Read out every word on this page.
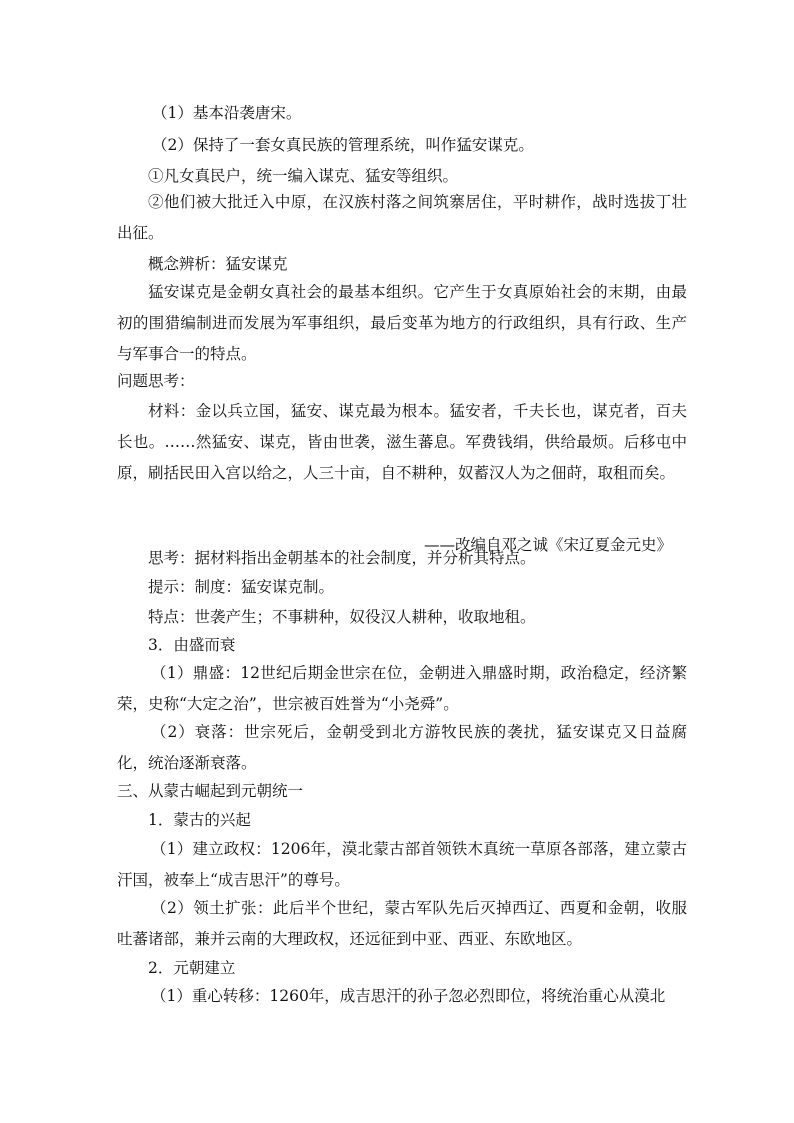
（1）基本沿袭唐宋。

（2）保持了一套女真民族的管理系统，叫作猛安谋克。

①凡女真民户，统一编入谋克、猛安等组织。

②他们被大批迁入中原，在汉族村落之间筑寨居住，平时耕作，战时选拔丁壮出征。

概念辨析：猛安谋克

猛安谋克是金朝女真社会的最基本组织。它产生于女真原始社会的末期，由最初的围猎编制进而发展为军事组织，最后变革为地方的行政组织，具有行政、生产与军事合一的特点。

问题思考：

材料：金以兵立国，猛安、谋克最为根本。猛安者，千夫长也，谋克者，百夫长也。……然猛安、谋克，皆由世袭，滋生蕃息。军费钱绢，供给最烦。后移屯中原，刷括民田入宫以给之，人三十亩，自不耕种，奴蓄汉人为之佃莳，取租而矣。

——改编自邓之诚《宋辽夏金元史》

思考：据材料指出金朝基本的社会制度，并分析其特点。

提示：制度：猛安谋克制。

特点：世袭产生；不事耕种，奴役汉人耕种，收取地租。

3．由盛而衰

（1）鼎盛：12世纪后期金世宗在位，金朝进入鼎盛时期，政治稳定，经济繁荣，史称“大定之治”，世宗被百姓誉为“小尧舜”。

（2）衰落：世宗死后，金朝受到北方游牧民族的袭扰，猛安谋克又日益腐化，统治逐渐衰落。

三、从蒙古崛起到元朝统一

1．蒙古的兴起

（1）建立政权：1206年，漠北蒙古部首领铁木真统一草原各部落，建立蒙古汗国，被奉上“成吉思汗”的尊号。

（2）领土扩张：此后半个世纪，蒙古军队先后灭掉西辽、西夏和金朝，收服吐蕃诸部，兼并云南的大理政权，还远征到中亚、西亚、东欧地区。

2．元朝建立

（1）重心转移：1260年，成吉思汗的孙子忽必烈即位，将统治重心从漠北
